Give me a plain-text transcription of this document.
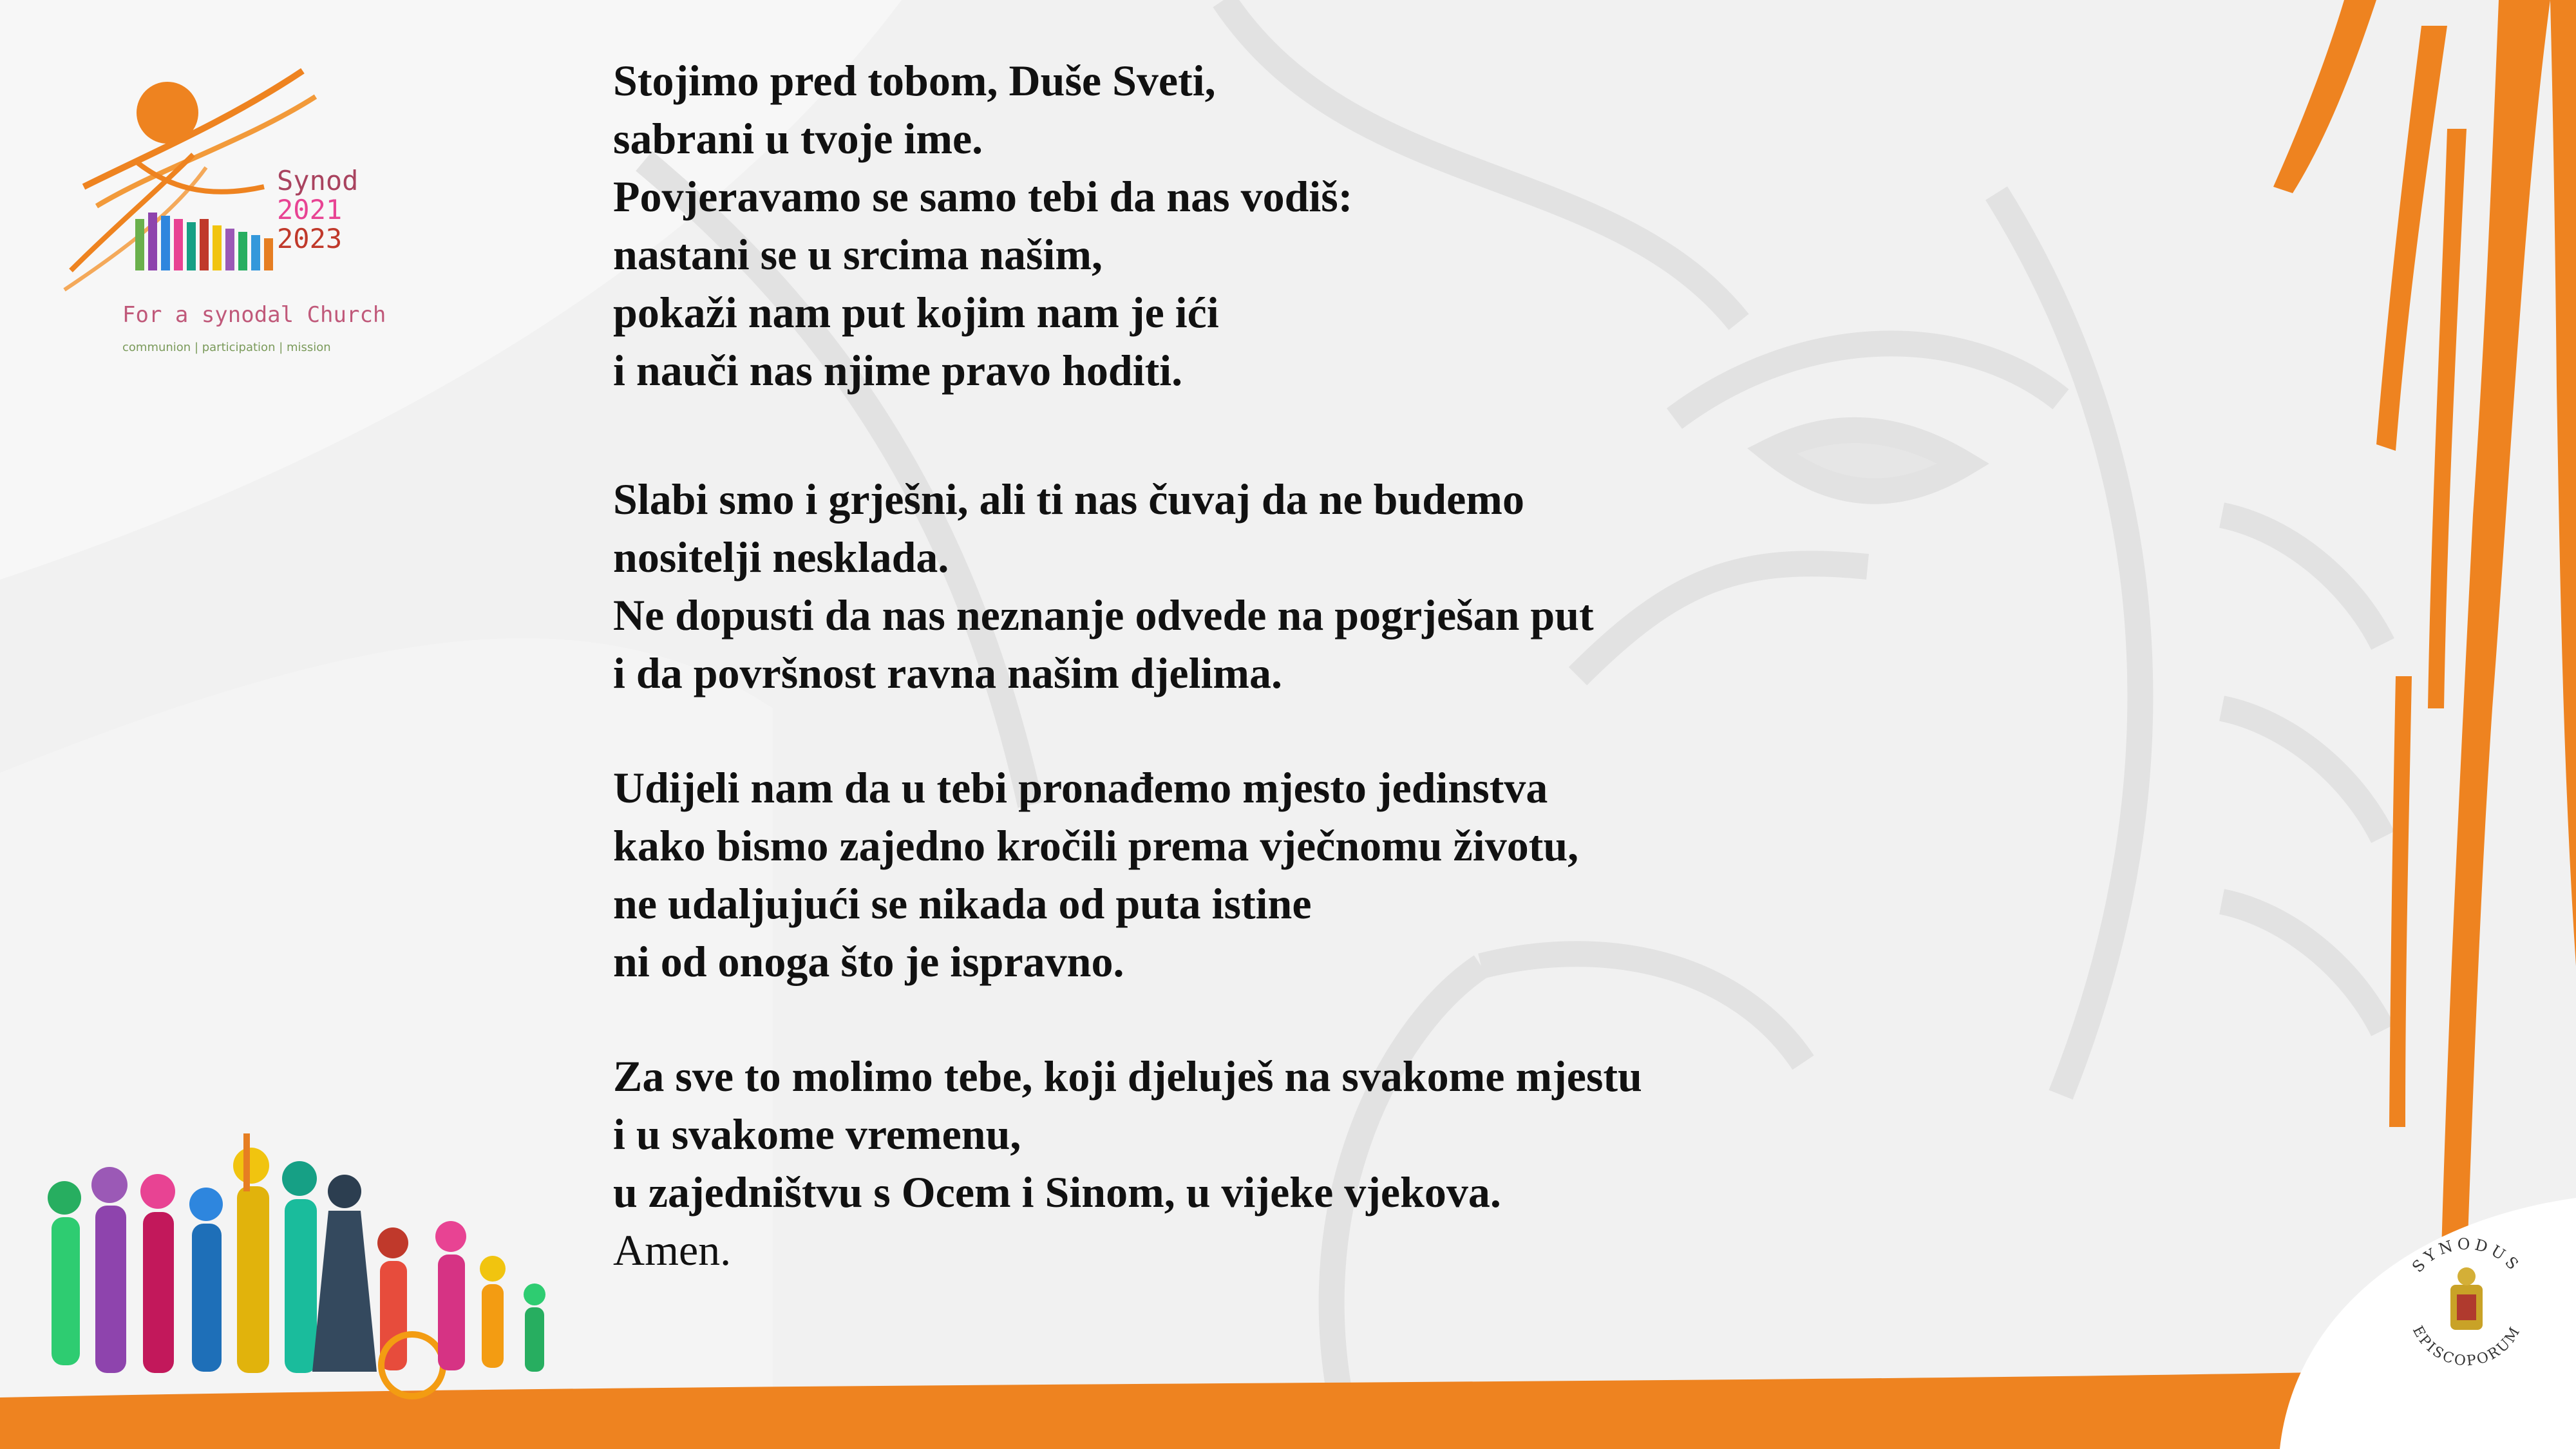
Synod
2021
2023
For a synodal Church
communion | participation | mission
SYNODUS
EPISCOPORUM
Stojimo pred tobom, Duše Sveti,
sabrani u tvoje ime.
Povjeravamo se samo tebi da nas vodiš:
nastani se u srcima našim,
pokaži nam put kojim nam je ići
i nauči nas njime pravo hoditi.
Slabi smo i grješni, ali ti nas čuvaj da ne budemo
nositelji nesklada.
Ne dopusti da nas neznanje odvede na pogrješan put
i da površnost ravna našim djelima.
Udijeli nam da u tebi pronađemo mjesto jedinstva
kako bismo zajedno kročili prema vječnomu životu,
ne udaljujući se nikada od puta istine
ni od onoga što je ispravno.
Za sve to molimo tebe, koji djeluješ na svakome mjestu
i u svakome vremenu,
u zajedništvu s Ocem i Sinom, u vijeke vjekova.
Amen.
